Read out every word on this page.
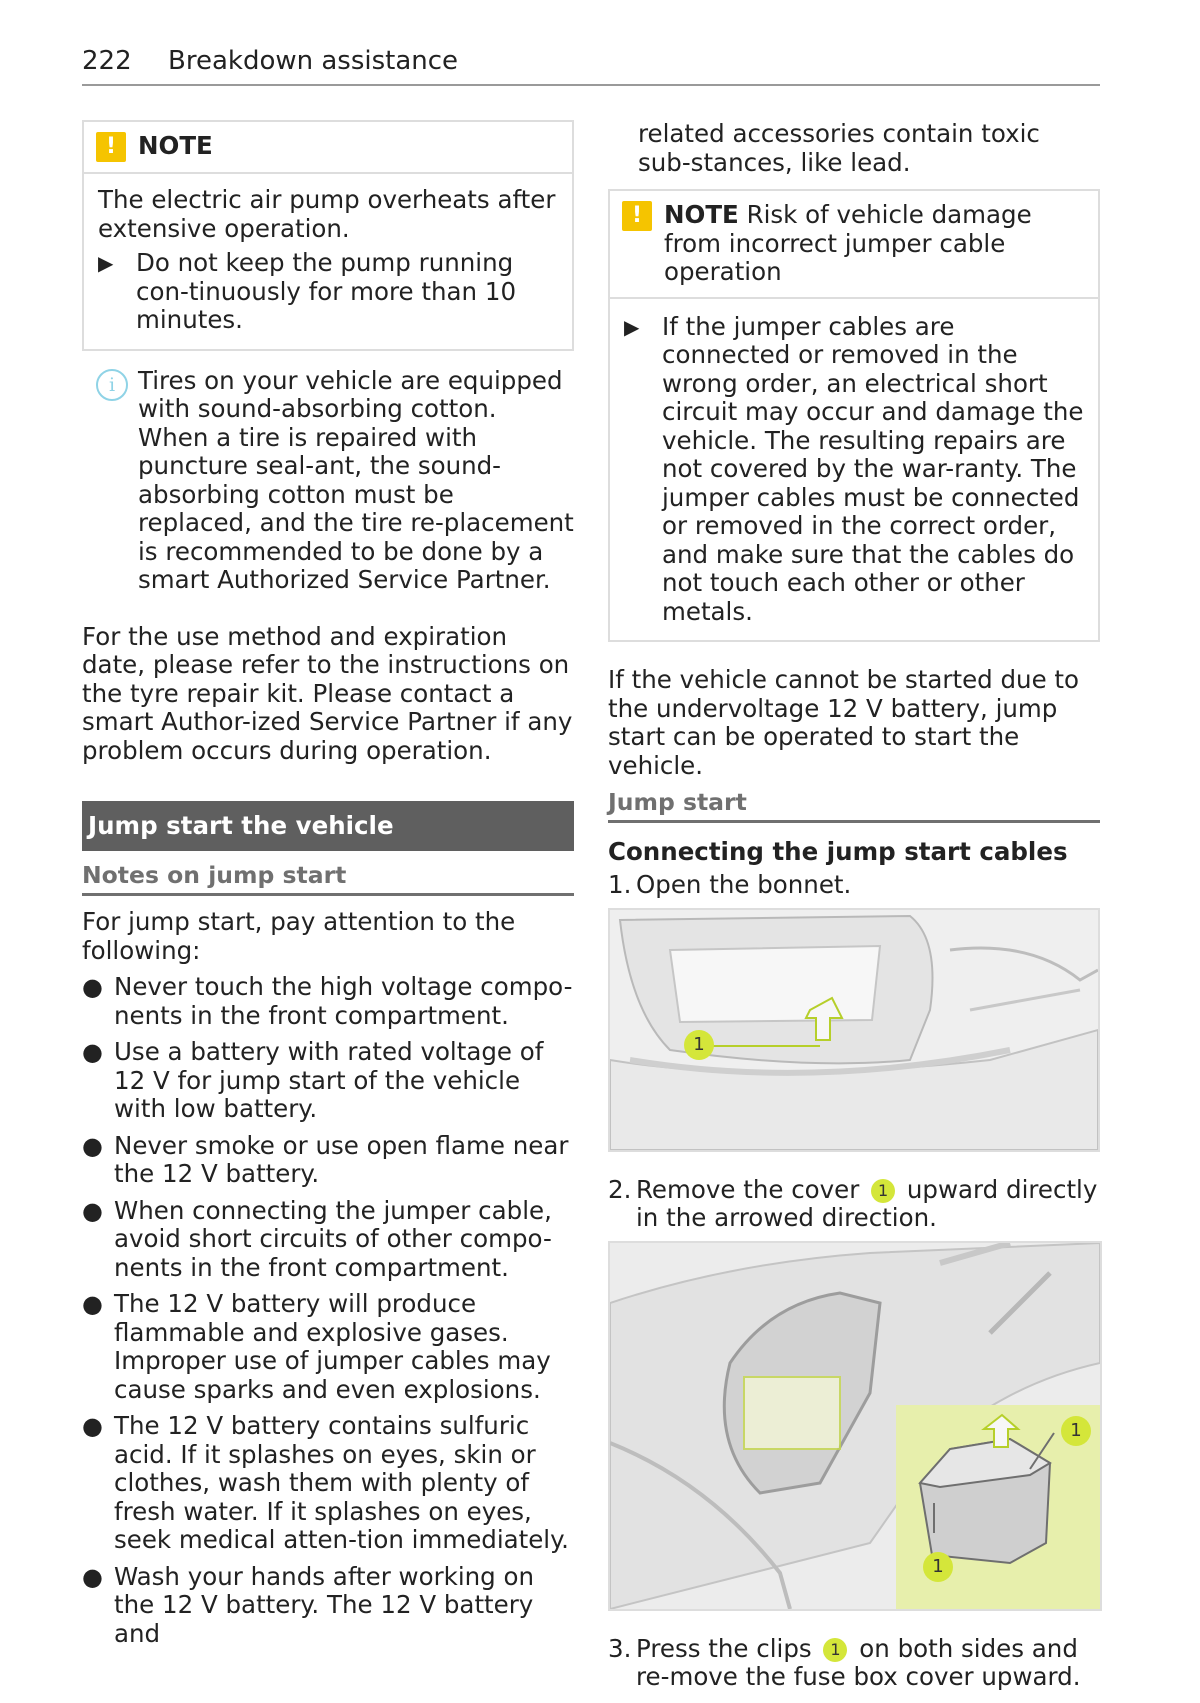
222 Breakdown assistance
! NOTE

The electric air pump overheats after extensive operation.

▶ Do not keep the pump running con-tinuously for more than 10 minutes.

i Tires on your vehicle are equipped with sound-absorbing cotton. When a tire is repaired with puncture seal-ant, the sound-absorbing cotton must be replaced, and the tire re-placement is recommended to be done by a smart Authorized Service Partner.

For the use method and expiration date, please refer to the instructions on the tyre repair kit. Please contact a smart Author-ized Service Partner if any problem occurs during operation.

Jump start the vehicle
Notes on jump start

For jump start, pay attention to the following:

● Never touch the high voltage compo-nents in the front compartment.

● Use a battery with rated voltage of 12 V for jump start of the vehicle with low battery.

● Never smoke or use open flame near the 12 V battery.

● When connecting the jumper cable, avoid short circuits of other compo-nents in the front compartment.

● The 12 V battery will produce flammable and explosive gases. Improper use of jumper cables may cause sparks and even explosions.

● The 12 V battery contains sulfuric acid. If it splashes on eyes, skin or clothes, wash them with plenty of fresh water. If it splashes on eyes, seek medical atten-tion immediately.

● Wash your hands after working on the 12 V battery. The 12 V battery and

related accessories contain toxic sub-stances, like lead.

! NOTE Risk of vehicle damage from incorrect jumper cable operation

▶ If the jumper cables are connected or removed in the wrong order, an electrical short circuit may occur and damage the vehicle. The resulting repairs are not covered by the war-ranty. The jumper cables must be connected or removed in the correct order, and make sure that the cables do not touch each other or other metals.

If the vehicle cannot be started due to the undervoltage 12 V battery, jump start can be operated to start the vehicle.

Jump start
Connecting the jump start cables
1. Open the bonnet.

1
2. Remove the cover 1 upward directly in the arrowed direction.

1
1
3. Press the clips 1 on both sides and re-move the fuse box cover upward.
